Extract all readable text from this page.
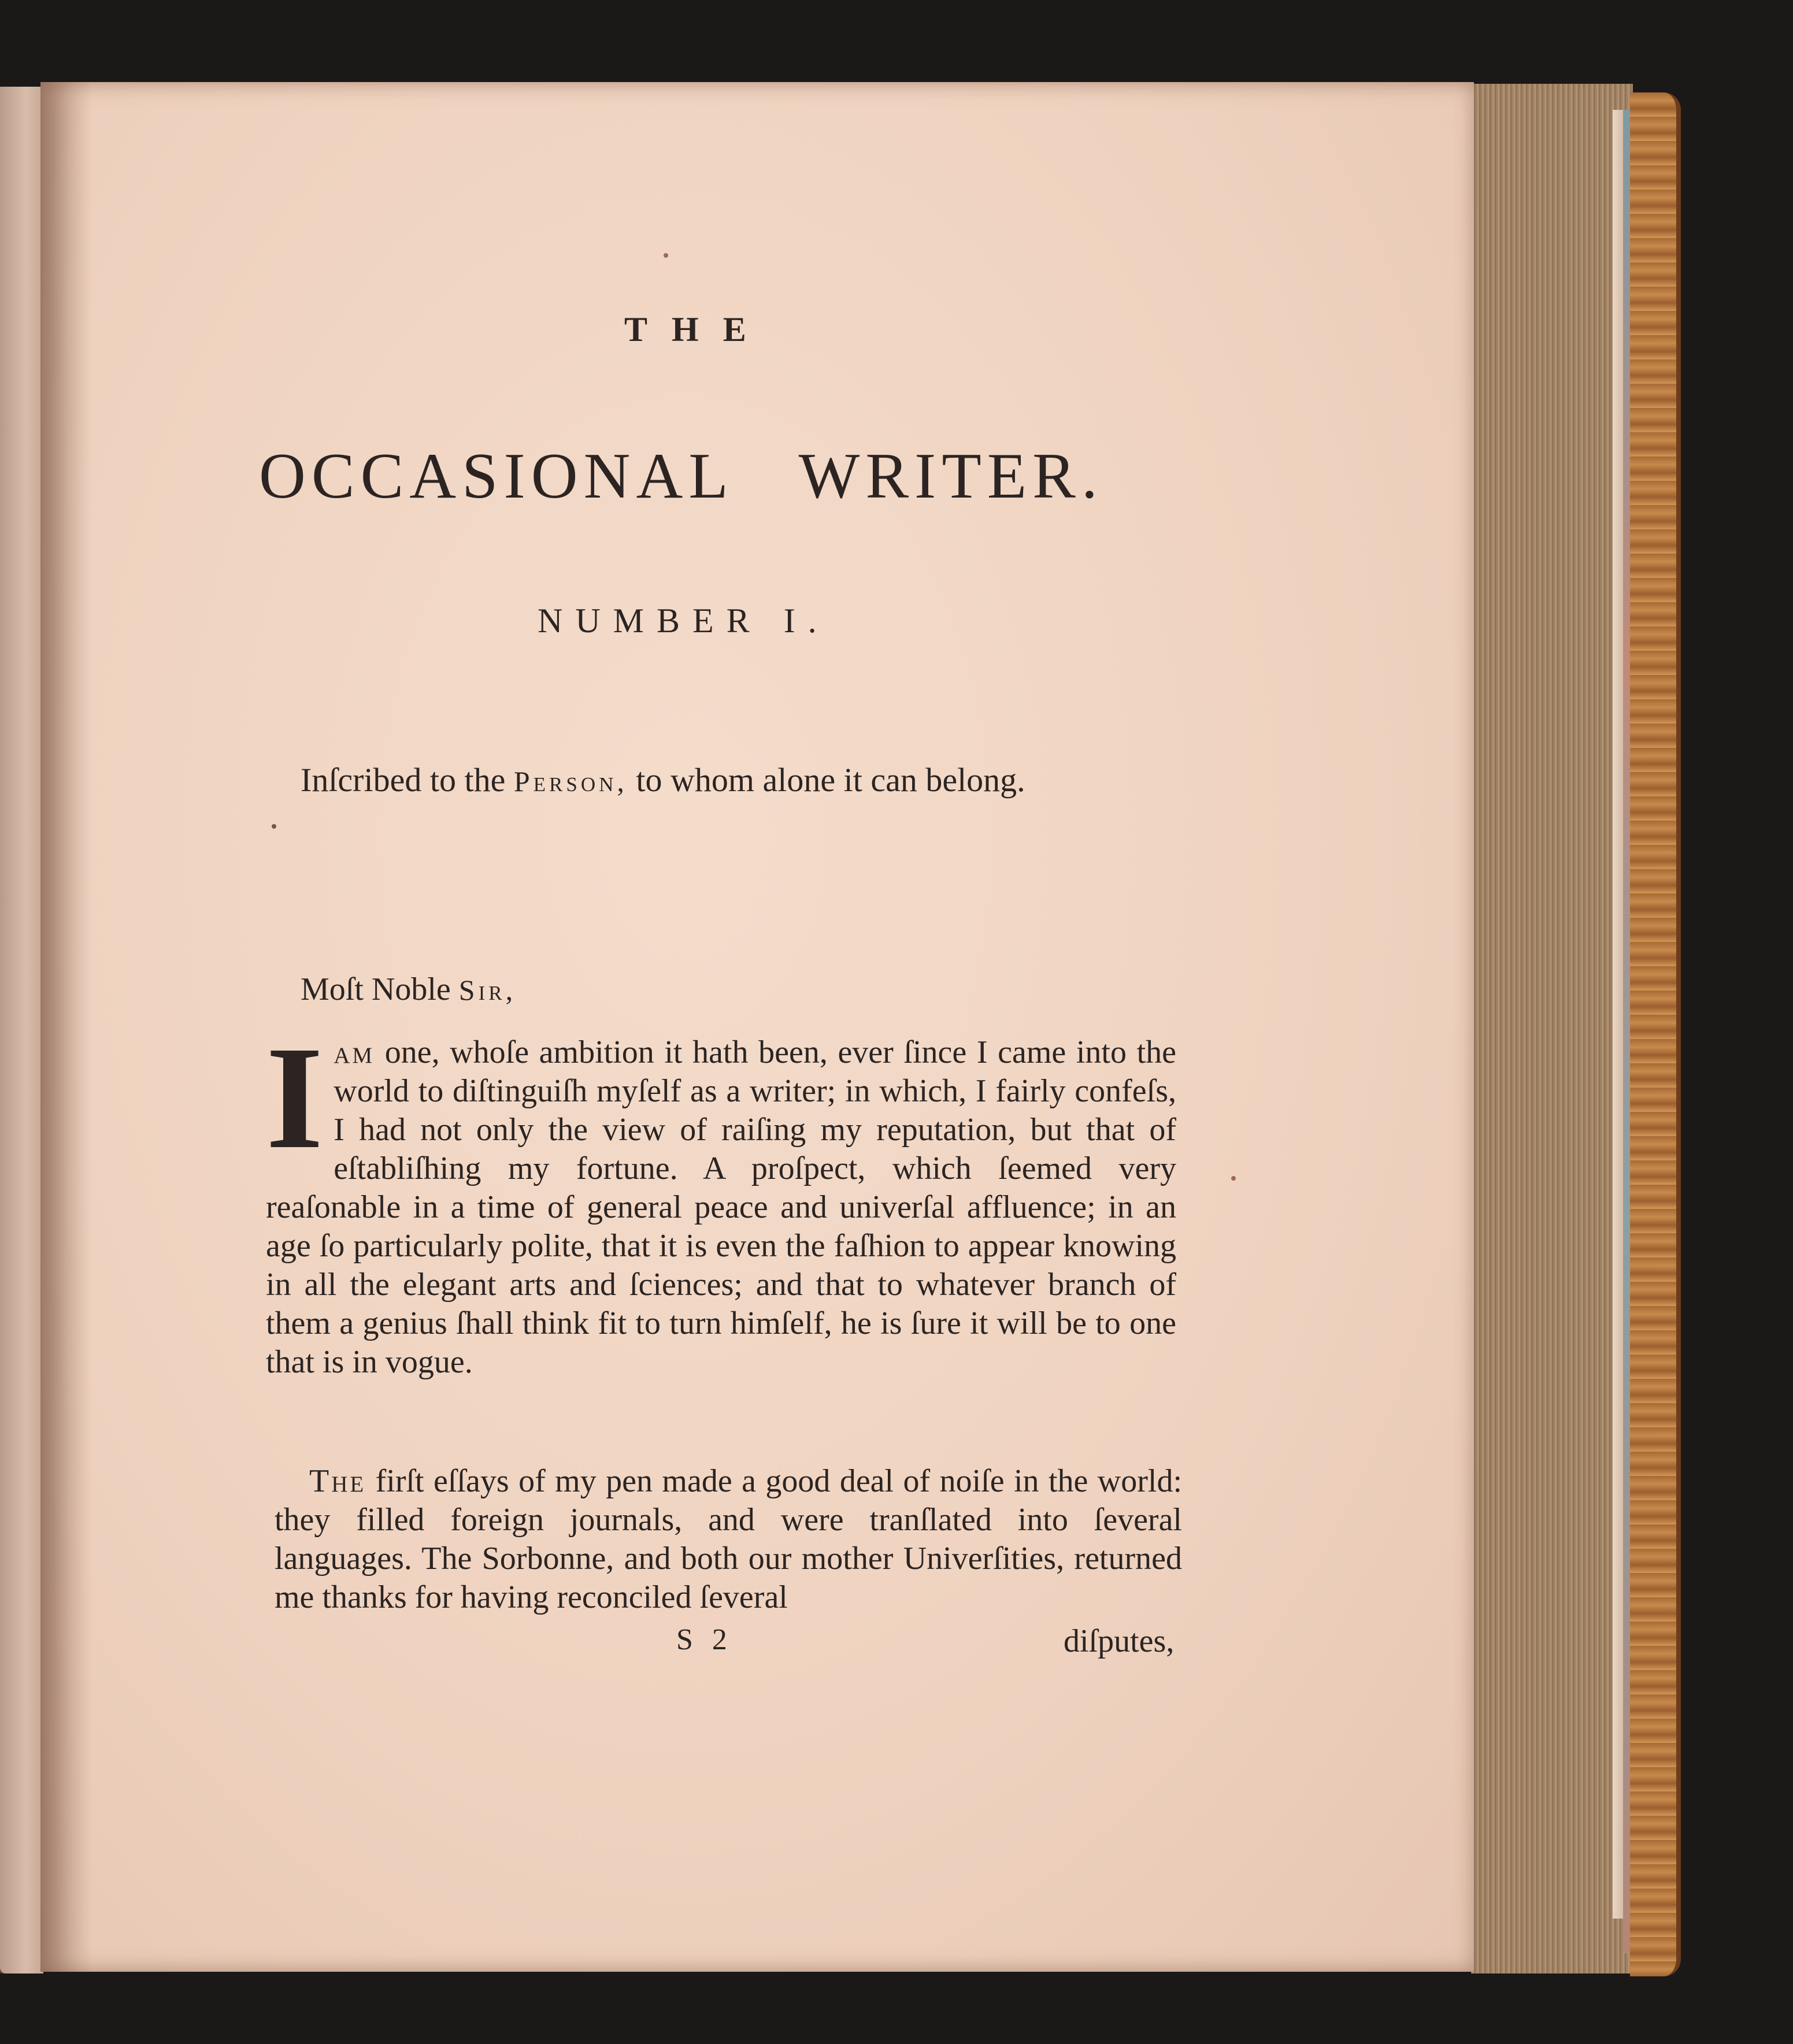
THE
OCCASIONAL WRITER.
NUMBER I.
Inſcribed to the Person, to whom alone it can belong.
Moſt Noble Sir,
I am one, whoſe ambition it hath been, ever ſince I came into the world to diſtinguiſh myſelf as a writer; in which, I fairly confeſs, I had not only the view of raiſing my reputation, but that of eſtabliſhing my fortune. A proſpect, which ſeemed very reaſonable in a time of general peace and univerſal affluence; in an age ſo particularly polite, that it is even the faſhion to appear knowing in all the elegant arts and ſciences; and that to whatever branch of them a genius ſhall think fit to turn himſelf, he is ſure it will be to one that is in vogue.
The firſt eſſays of my pen made a good deal of noiſe in the world: they filled foreign journals, and were tranſlated into ſeveral languages. The Sorbonne, and both our mother Univerſities, returned me thanks for having reconciled ſeveral
S 2	diſputes,
